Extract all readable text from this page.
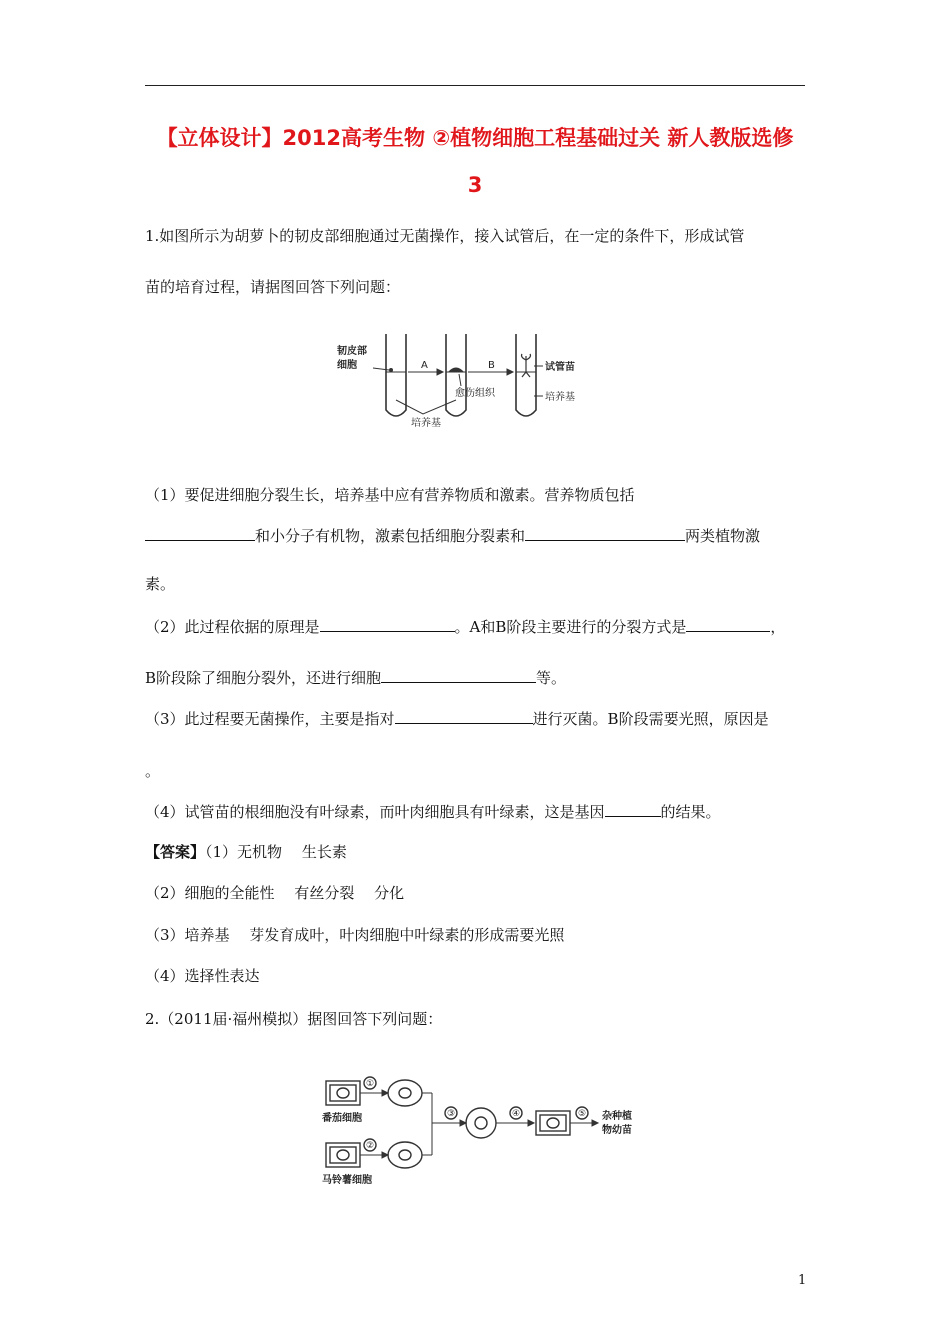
【立体设计】2012高考生物 ②植物细胞工程基础过关 新人教版选修
3
1.如图所示为胡萝卜的韧皮部细胞通过无菌操作，接入试管后，在一定的条件下，形成试管
苗的培育过程，请据图回答下列问题：
韧皮部
细胞	A	B
愈伤组织
试管苗
培养基
培养基
（1）要促进细胞分裂生长，培养基中应有营养物质和激素。营养物质包括
和小分子有机物，激素包括细胞分裂素和	两类植物激
素。
（2）此过程依据的原理是	。A和B阶段主要进行的分裂方式是	，
B阶段除了细胞分裂外，还进行细胞	等。
（3）此过程要无菌操作，主要是指对	进行灭菌。B阶段需要光照，原因是
。
（4）试管苗的根细胞没有叶绿素，而叶肉细胞具有叶绿素，这是基因	的结果。
【答案】（1）无机物　 生长素
（2）细胞的全能性　 有丝分裂　 分化
（3）培养基　 芽发育成叶，叶肉细胞中叶绿素的形成需要光照
（4）选择性表达
2.（2011届·福州模拟）据图回答下列问题：
①
②
③	④	⑤
番茄细胞
马铃薯细胞
杂种植
物幼苗
1
